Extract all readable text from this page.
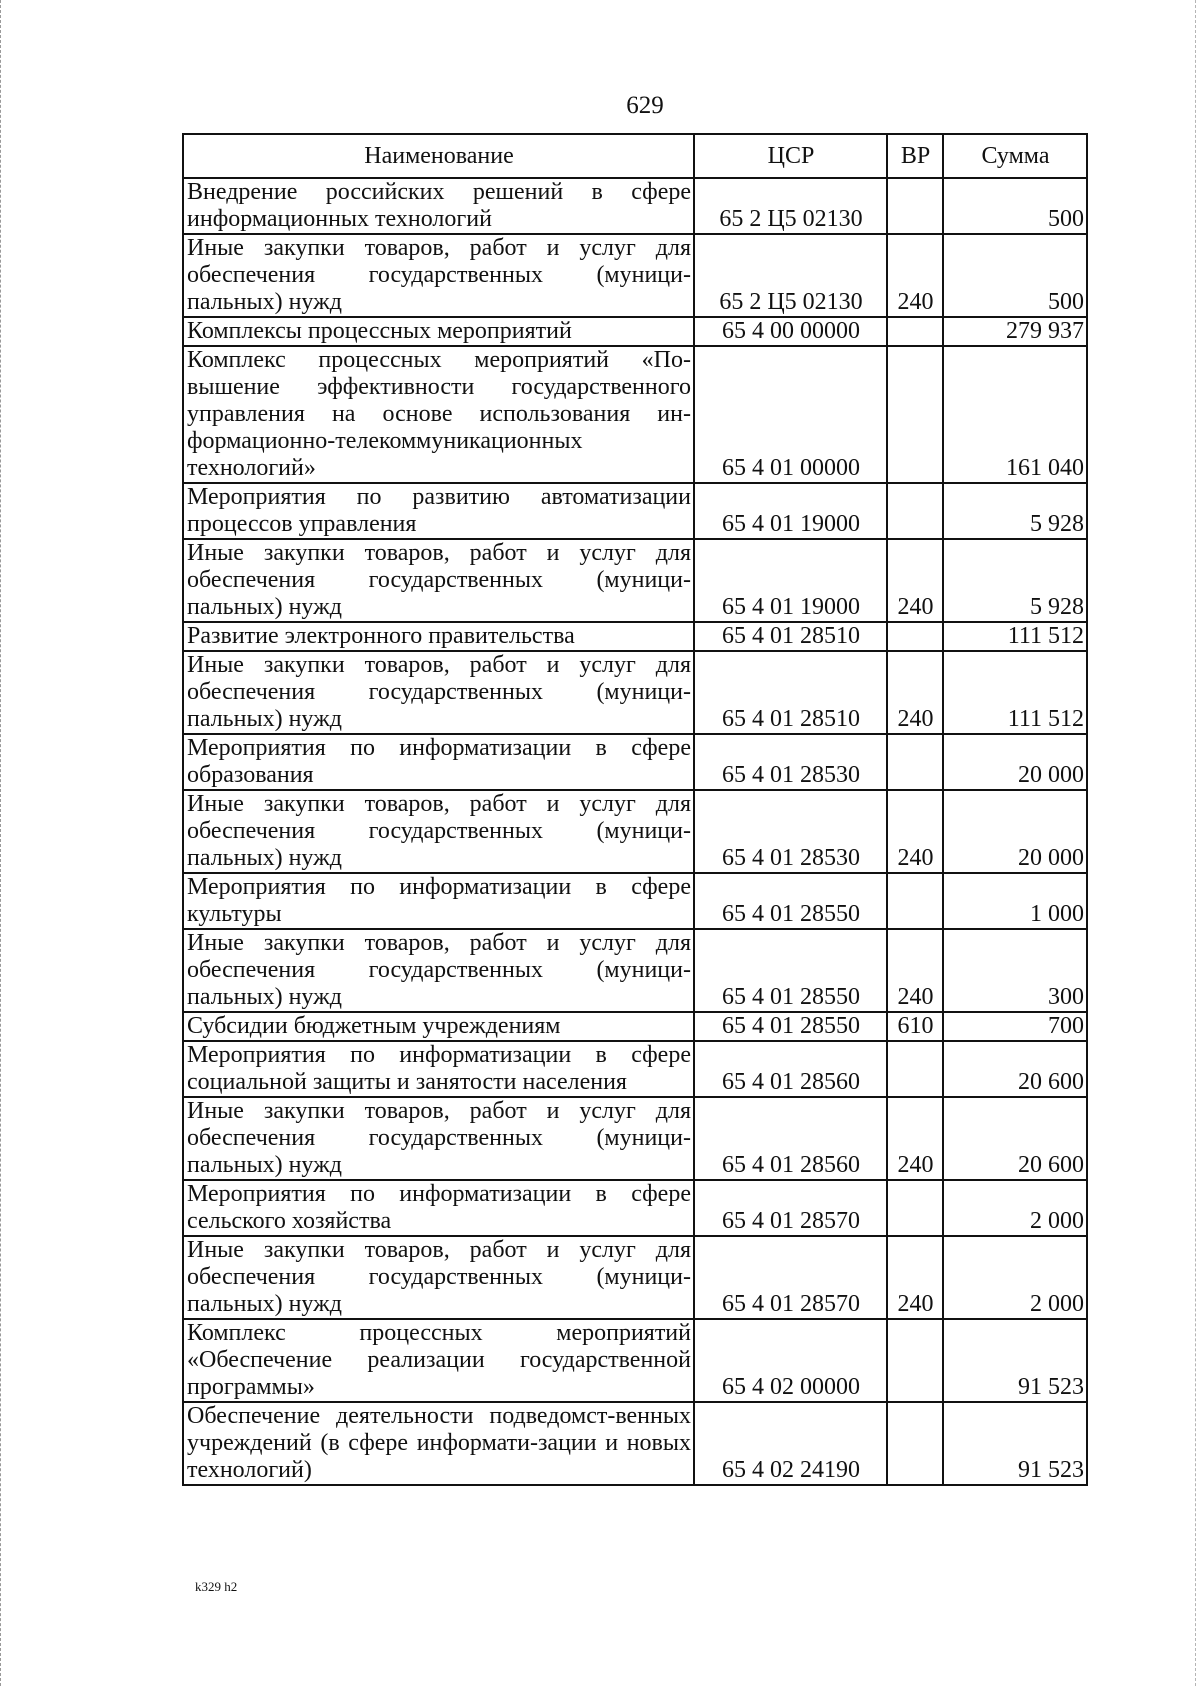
629
Наименование	ЦСР	ВР	Сумма
Внедрение российских решений в сфере информационных технологий	65 2 Ц5 02130		500
Иные закупки товаров, работ и услуг для обеспечения государственных (муници-пальных) нужд	65 2 Ц5 02130	240	500
Комплексы процессных мероприятий	65 4 00 00000		279 937
Комплекс процессных мероприятий «По-вышение эффективности государственного управления на основе использования ин-формационно-телекоммуникационных технологий»	65 4 01 00000		161 040
Мероприятия по развитию автоматизации процессов управления	65 4 01 19000		5 928
Иные закупки товаров, работ и услуг для обеспечения государственных (муници-пальных) нужд	65 4 01 19000	240	5 928
Развитие электронного правительства	65 4 01 28510		111 512
Иные закупки товаров, работ и услуг для обеспечения государственных (муници-пальных) нужд	65 4 01 28510	240	111 512
Мероприятия по информатизации в сфере образования	65 4 01 28530		20 000
Иные закупки товаров, работ и услуг для обеспечения государственных (муници-пальных) нужд	65 4 01 28530	240	20 000
Мероприятия по информатизации в сфере культуры	65 4 01 28550		1 000
Иные закупки товаров, работ и услуг для обеспечения государственных (муници-пальных) нужд	65 4 01 28550	240	300
Субсидии бюджетным учреждениям	65 4 01 28550	610	700
Мероприятия по информатизации в сфере социальной защиты и занятости населения	65 4 01 28560		20 600
Иные закупки товаров, работ и услуг для обеспечения государственных (муници-пальных) нужд	65 4 01 28560	240	20 600
Мероприятия по информатизации в сфере сельского хозяйства	65 4 01 28570		2 000
Иные закупки товаров, работ и услуг для обеспечения государственных (муници-пальных) нужд	65 4 01 28570	240	2 000
Комплекс процессных мероприятий «Обеспечение реализации государственной программы»	65 4 02 00000		91 523
Обеспечение деятельности подведомст-венных учреждений (в сфере информати-зации и новых технологий)	65 4 02 24190		91 523
k329 h2
